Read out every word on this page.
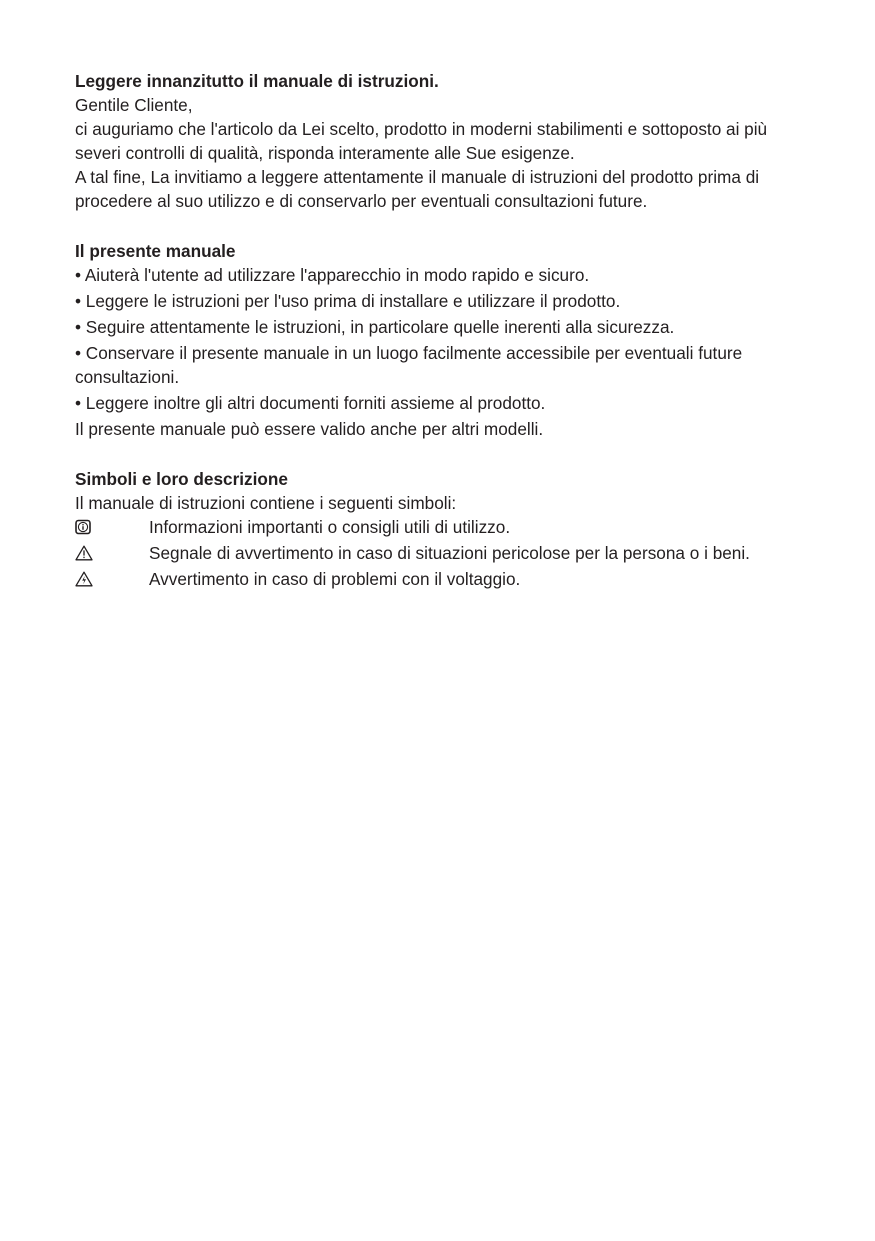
Leggere innanzitutto il manuale di istruzioni.

Gentile Cliente,

ci auguriamo che l'articolo da Lei scelto, prodotto in moderni stabilimenti e sottoposto ai più severi controlli di qualità, risponda interamente alle Sue esigenze.

A tal fine, La invitiamo a leggere attentamente il manuale di istruzioni del prodotto prima di procedere al suo utilizzo e di conservarlo per eventuali consultazioni future.

Il presente manuale

• Aiuterà l'utente ad utilizzare l'apparecchio in modo rapido e sicuro.

• Leggere le istruzioni per l'uso prima di installare e utilizzare il prodotto.

• Seguire attentamente le istruzioni, in particolare quelle inerenti alla sicurezza.

• Conservare il presente manuale in un luogo facilmente accessibile per eventuali future consultazioni.

• Leggere inoltre gli altri documenti forniti assieme al prodotto.

Il presente manuale può essere valido anche per altri modelli.

Simboli e loro descrizione

Il manuale di istruzioni contiene i seguenti simboli:

Informazioni importanti o consigli utili di utilizzo.
Segnale di avvertimento in caso di situazioni pericolose per la persona o i beni.
Avvertimento in caso di problemi con il voltaggio.
